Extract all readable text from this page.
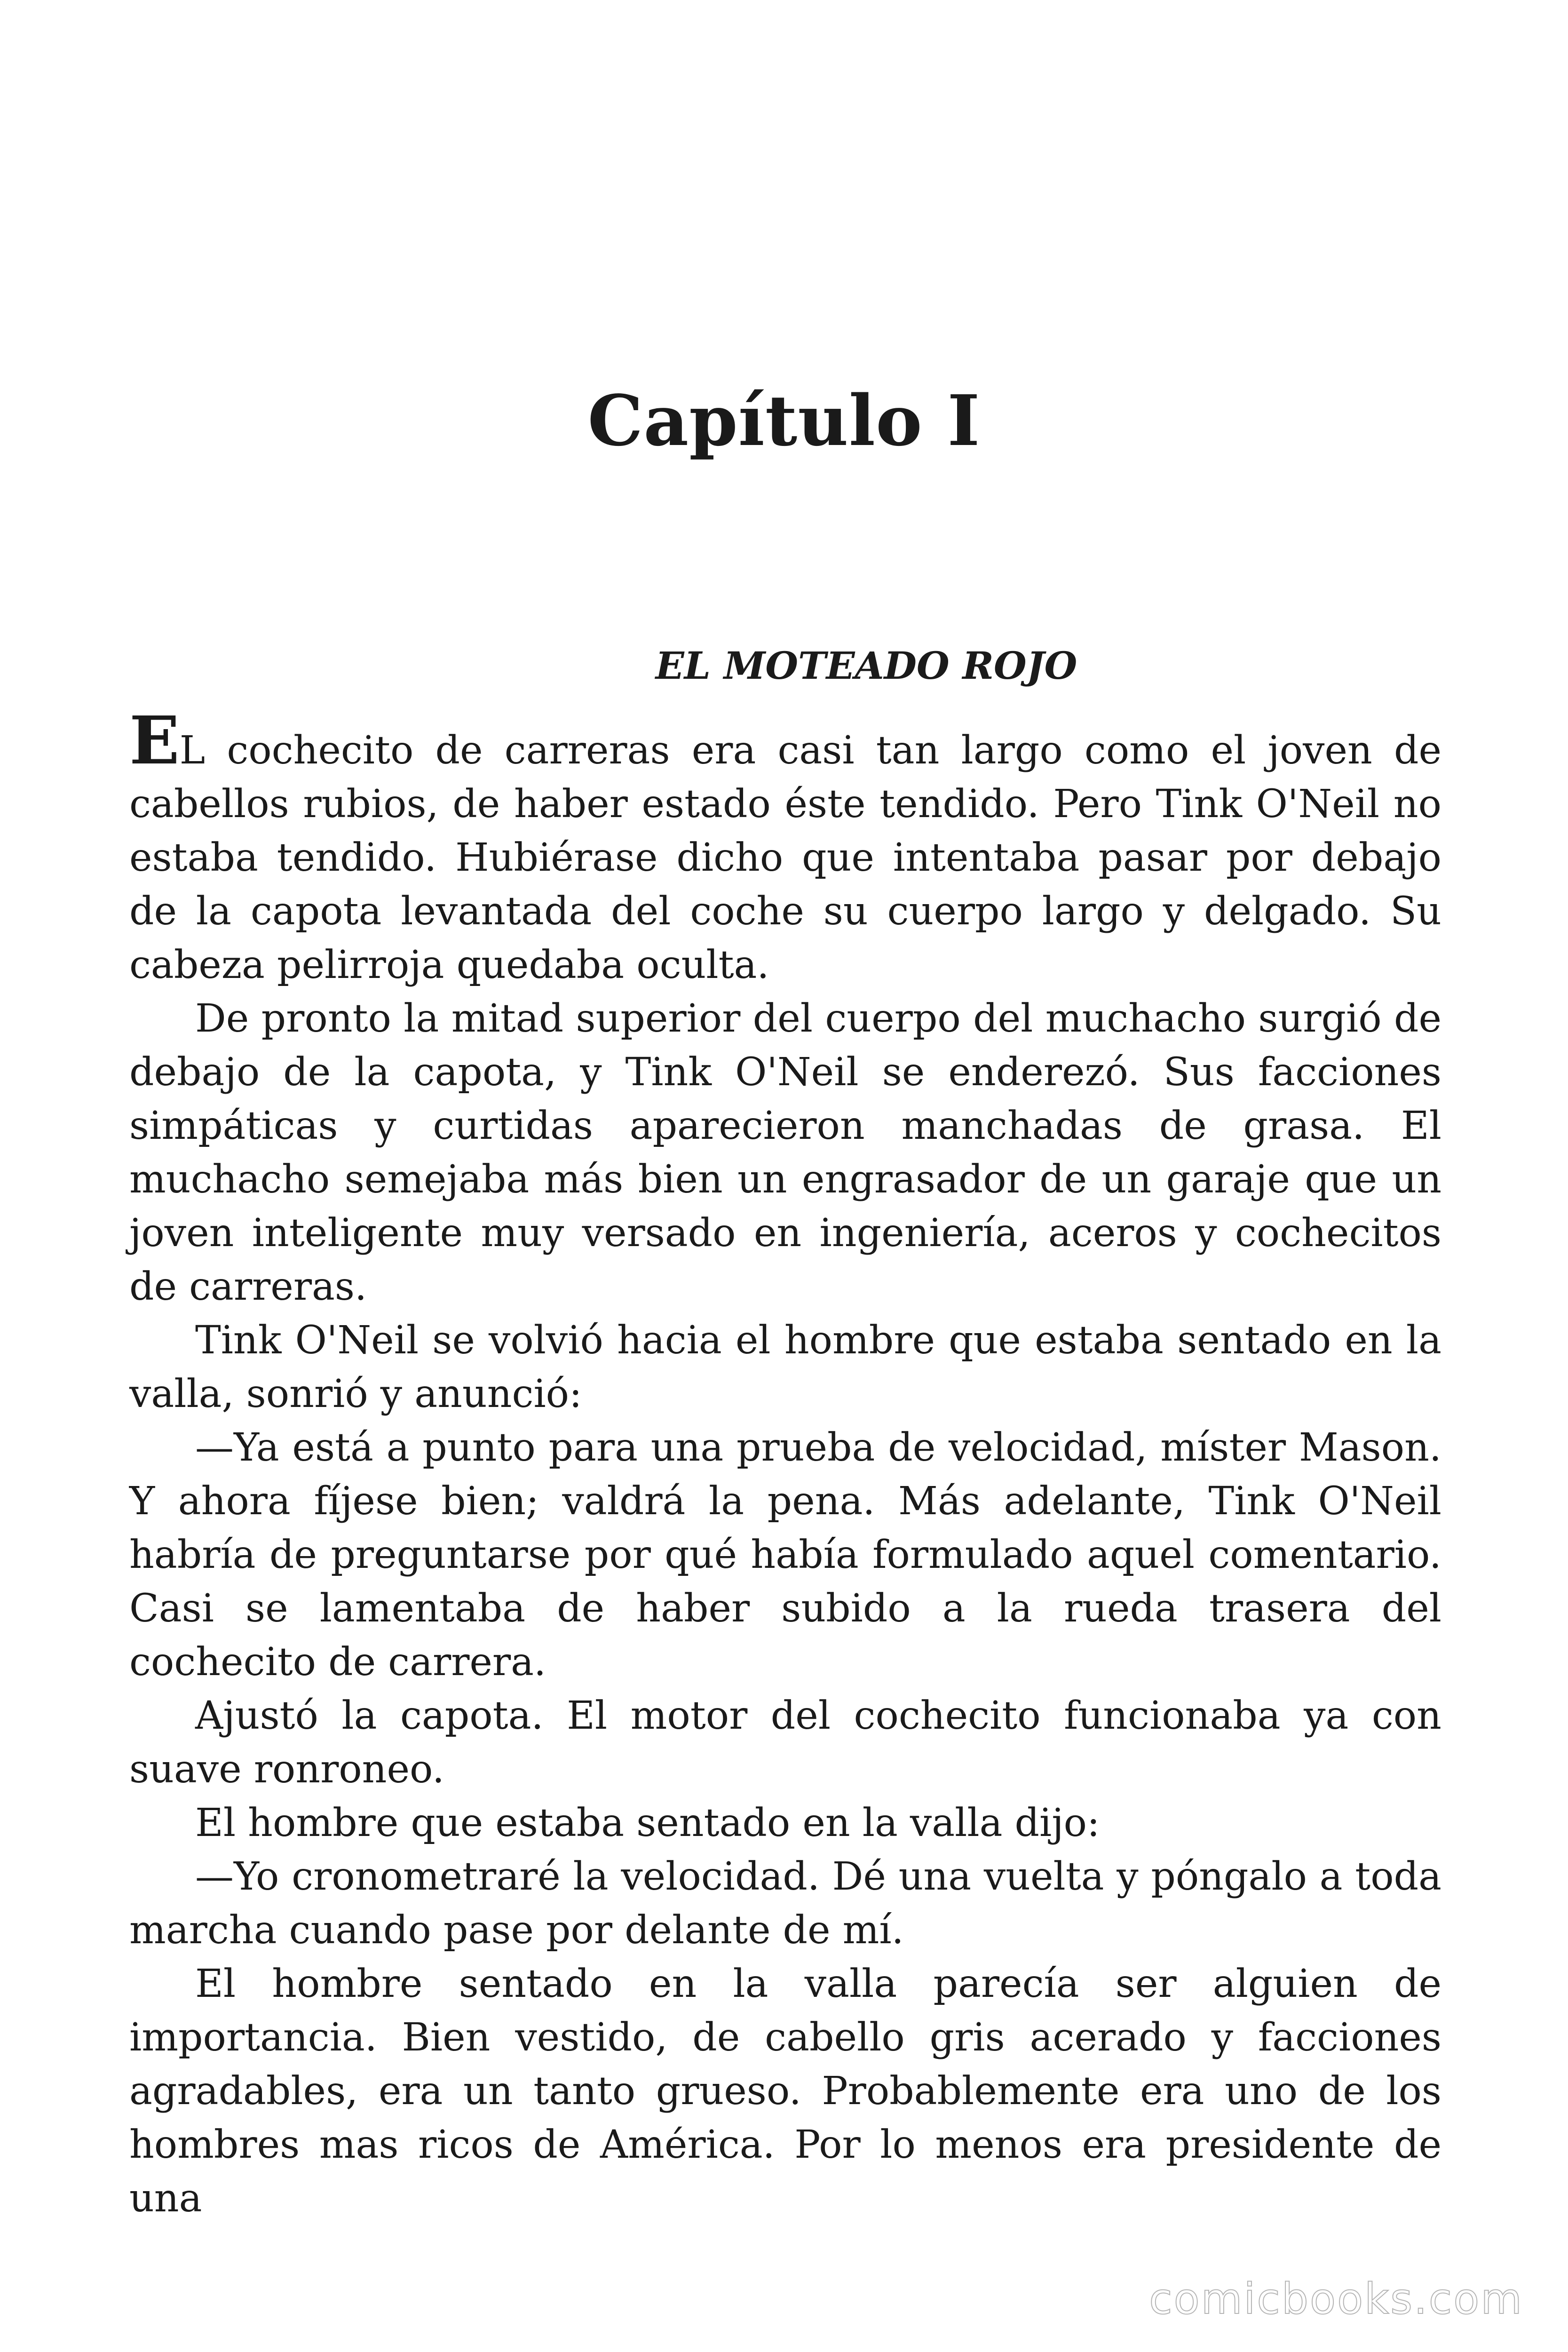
Capítulo I
EL MOTEADO ROJO

EL cochecito de carreras era casi tan largo como el joven de cabellos rubios, de haber estado éste tendido. Pero Tink O'Neil no estaba tendido. Hubiérase dicho que intentaba pasar por debajo de la capota levantada del coche su cuerpo largo y delgado. Su cabeza pelirroja quedaba oculta.

De pronto la mitad superior del cuerpo del muchacho surgió de debajo de la capota, y Tink O'Neil se enderezó. Sus facciones simpáticas y curtidas aparecieron manchadas de grasa. El muchacho semejaba más bien un engrasador de un garaje que un joven inteligente muy versado en ingeniería, aceros y cochecitos de carreras.

Tink O'Neil se volvió hacia el hombre que estaba sentado en la valla, sonrió y anunció:

—Ya está a punto para una prueba de velocidad, míster Mason. Y ahora fíjese bien; valdrá la pena. Más adelante, Tink O'Neil habría de preguntarse por qué había formulado aquel comentario. Casi se lamentaba de haber subido a la rueda trasera del cochecito de carrera.

Ajustó la capota. El motor del cochecito funcionaba ya con suave ronroneo.

El hombre que estaba sentado en la valla dijo:

—Yo cronometraré la velocidad. Dé una vuelta y póngalo a toda marcha cuando pase por delante de mí.

El hombre sentado en la valla parecía ser alguien de importancia. Bien vestido, de cabello gris acerado y facciones agradables, era un tanto grueso. Probablemente era uno de los hombres mas ricos de América. Por lo menos era presidente de una

comicbooks.com
